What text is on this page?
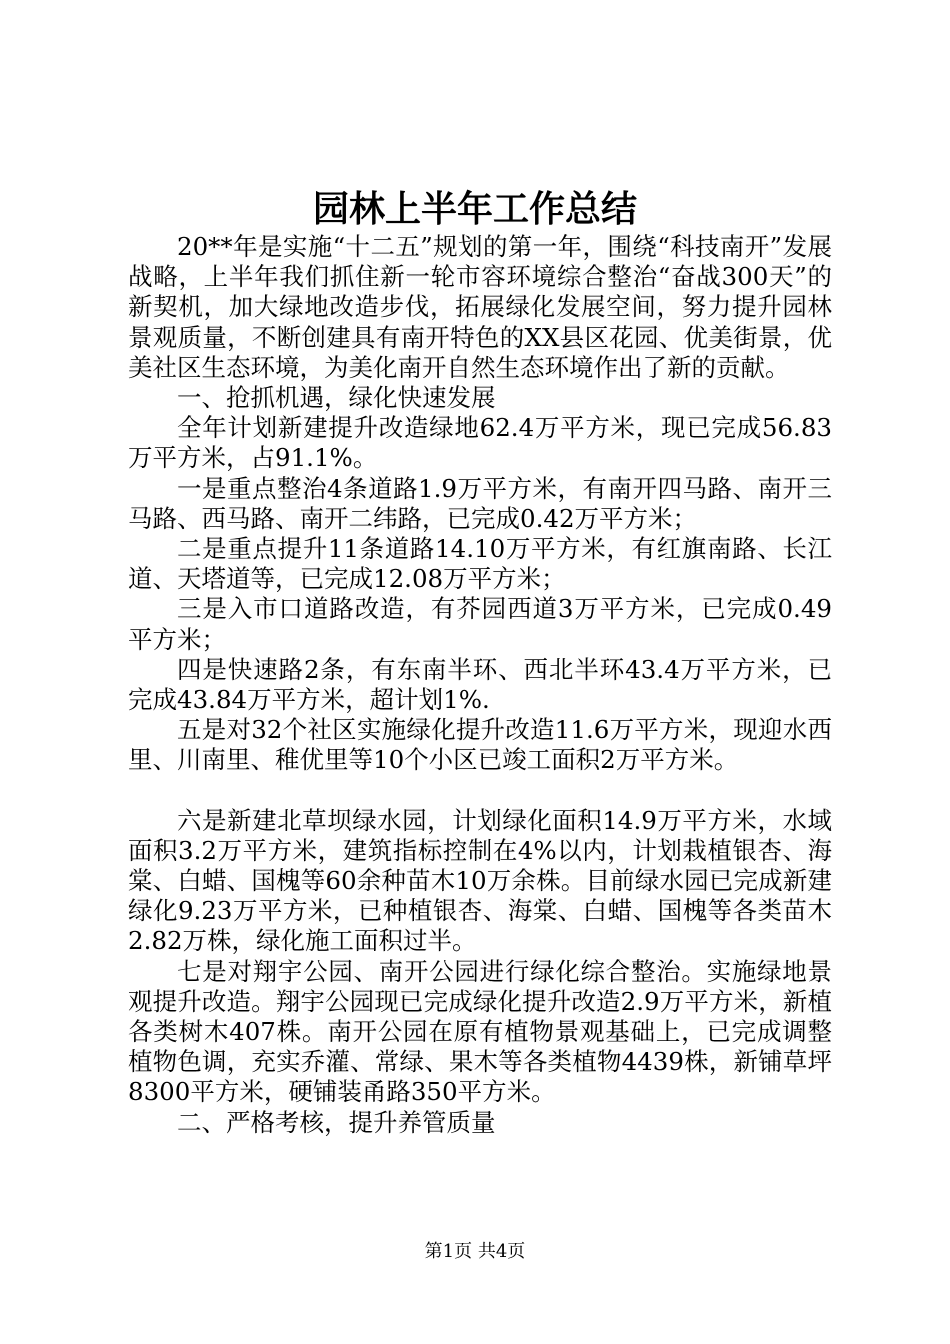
园林上半年工作总结

20**年是实施“十二五”规划的第一年，围绕“科技南开”发展战略，上半年我们抓住新一轮市容环境综合整治“奋战300天”的新契机，加大绿地改造步伐，拓展绿化发展空间，努力提升园林景观质量，不断创建具有南开特色的XX县区花园、优美街景，优美社区生态环境，为美化南开自然生态环境作出了新的贡献。

一、抢抓机遇，绿化快速发展

全年计划新建提升改造绿地62.4万平方米，现已完成56.83万平方米，占91.1%。

一是重点整治4条道路1.9万平方米，有南开四马路、南开三马路、西马路、南开二纬路，已完成0.42万平方米；

二是重点提升11条道路14.10万平方米，有红旗南路、长江道、天塔道等，已完成12.08万平方米；

三是入市口道路改造，有芥园西道3万平方米，已完成0.49平方米；

四是快速路2条，有东南半环、西北半环43.4万平方米，已完成43.84万平方米，超计划1%.

五是对32个社区实施绿化提升改造11.6万平方米，现迎水西里、川南里、稚优里等10个小区已竣工面积2万平方米。

六是新建北草坝绿水园，计划绿化面积14.9万平方米，水域面积3.2万平方米，建筑指标控制在4%以内，计划栽植银杏、海棠、白蜡、国槐等60余种苗木10万余株。目前绿水园已完成新建绿化9.23万平方米，已种植银杏、海棠、白蜡、国槐等各类苗木2.82万株，绿化施工面积过半。

七是对翔宇公园、南开公园进行绿化综合整治。实施绿地景观提升改造。翔宇公园现已完成绿化提升改造2.9万平方米，新植各类树木407株。南开公园在原有植物景观基础上，已完成调整植物色调，充实乔灌、常绿、果木等各类植物4439株，新铺草坪8300平方米，硬铺装甬路350平方米。

二、严格考核，提升养管质量

第1页 共4页
